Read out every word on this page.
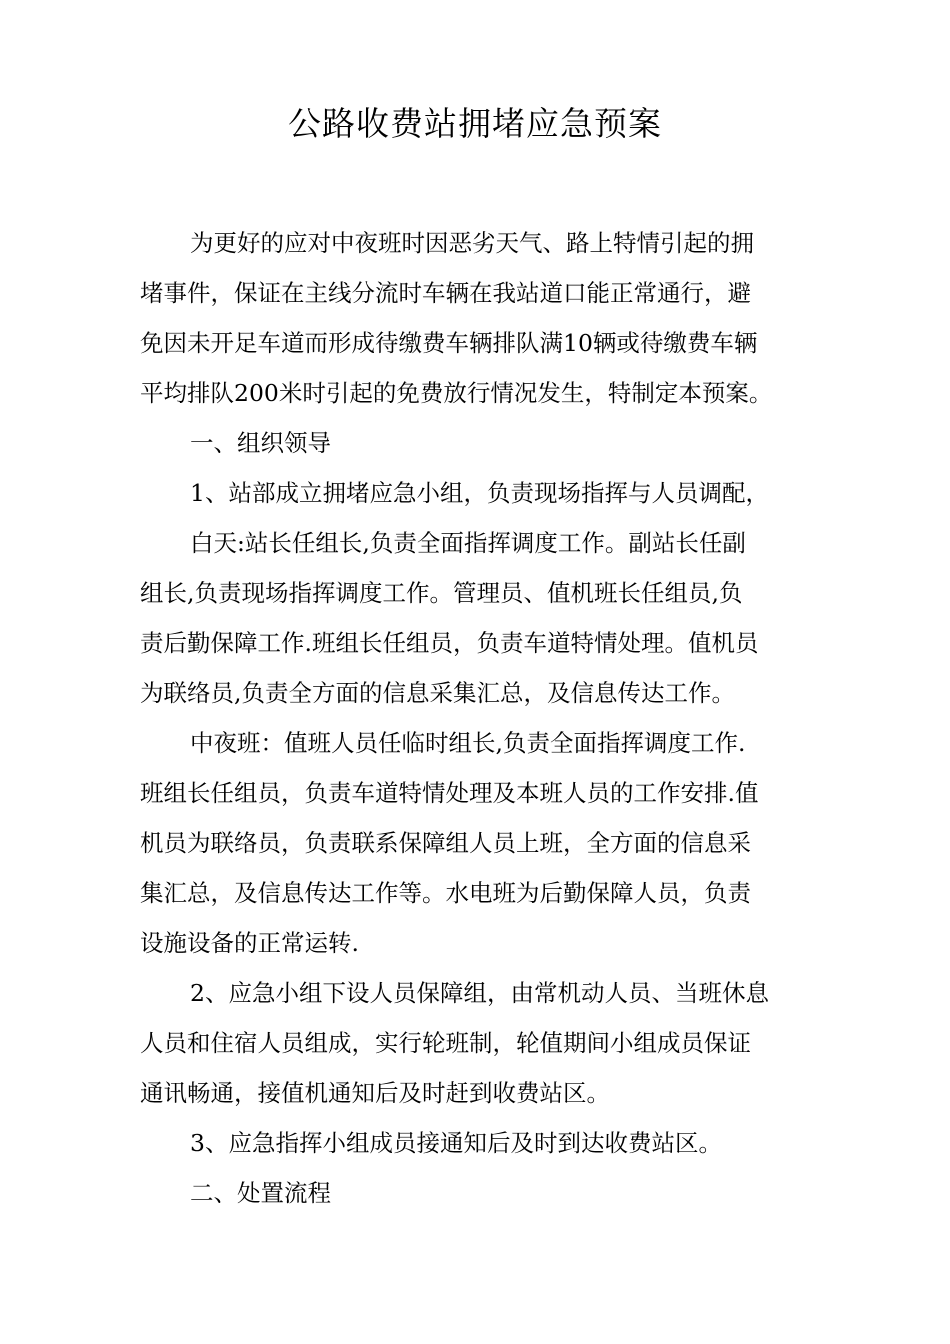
公路收费站拥堵应急预案

为更好的应对中夜班时因恶劣天气、路上特情引起的拥

堵事件，保证在主线分流时车辆在我站道口能正常通行，避

免因未开足车道而形成待缴费车辆排队满10辆或待缴费车辆

平均排队200米时引起的免费放行情况发生，特制定本预案。

一、组织领导

1、站部成立拥堵应急小组，负责现场指挥与人员调配，

白天:站长任组长,负责全面指挥调度工作。副站长任副

组长,负责现场指挥调度工作。管理员、值机班长任组员,负

责后勤保障工作.班组长任组员，负责车道特情处理。值机员

为联络员,负责全方面的信息采集汇总，及信息传达工作。

中夜班：值班人员任临时组长,负责全面指挥调度工作.

班组长任组员，负责车道特情处理及本班人员的工作安排.值

机员为联络员，负责联系保障组人员上班，全方面的信息采

集汇总，及信息传达工作等。水电班为后勤保障人员，负责

设施设备的正常运转.

2、应急小组下设人员保障组，由常机动人员、当班休息

人员和住宿人员组成，实行轮班制，轮值期间小组成员保证

通讯畅通，接值机通知后及时赶到收费站区。

3、应急指挥小组成员接通知后及时到达收费站区。

二、处置流程
